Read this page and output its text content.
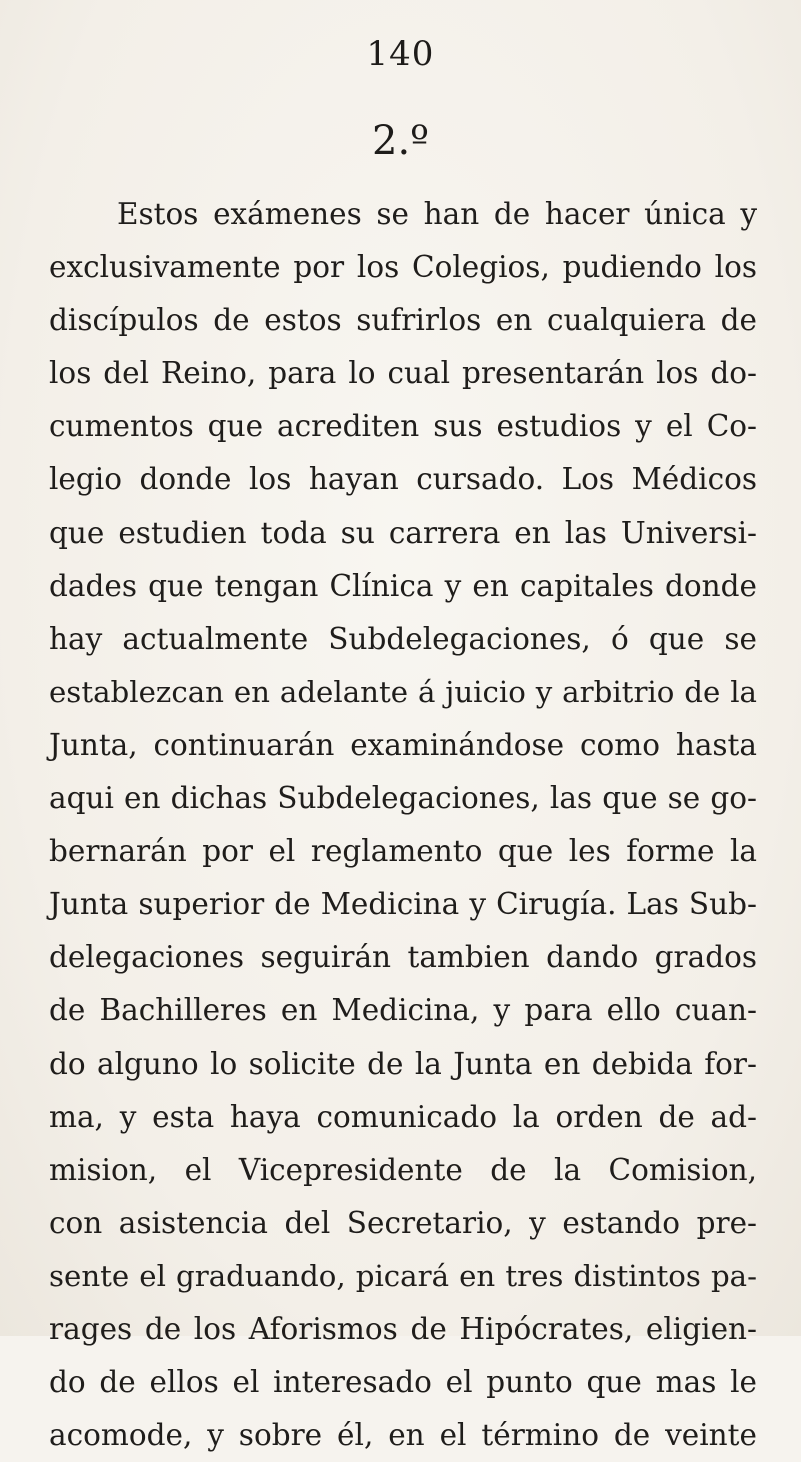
140
2.º
Estos exámenes se han de hacer única y
exclusivamente por los Colegios, pudiendo los
discípulos de estos sufrirlos en cualquiera de
los del Reino, para lo cual presentarán los do-
cumentos que acrediten sus estudios y el Co-
legio donde los hayan cursado. Los Médicos
que estudien toda su carrera en las Universi-
dades que tengan Clínica y en capitales donde
hay actualmente Subdelegaciones, ó que se
establezcan en adelante á juicio y arbitrio de la
Junta, continuarán examinándose como hasta
aqui en dichas Subdelegaciones, las que se go-
bernarán por el reglamento que les forme la
Junta superior de Medicina y Cirugía. Las Sub-
delegaciones seguirán tambien dando grados
de Bachilleres en Medicina, y para ello cuan-
do alguno lo solicite de la Junta en debida for-
ma, y esta haya comunicado la orden de ad-
mision, el Vicepresidente de la Comision,
con asistencia del Secretario, y estando pre-
sente el graduando, picará en tres distintos pa-
rages de los Aforismos de Hipócrates, eligien-
do de ellos el interesado el punto que mas le
acomode, y sobre él, en el término de veinte
